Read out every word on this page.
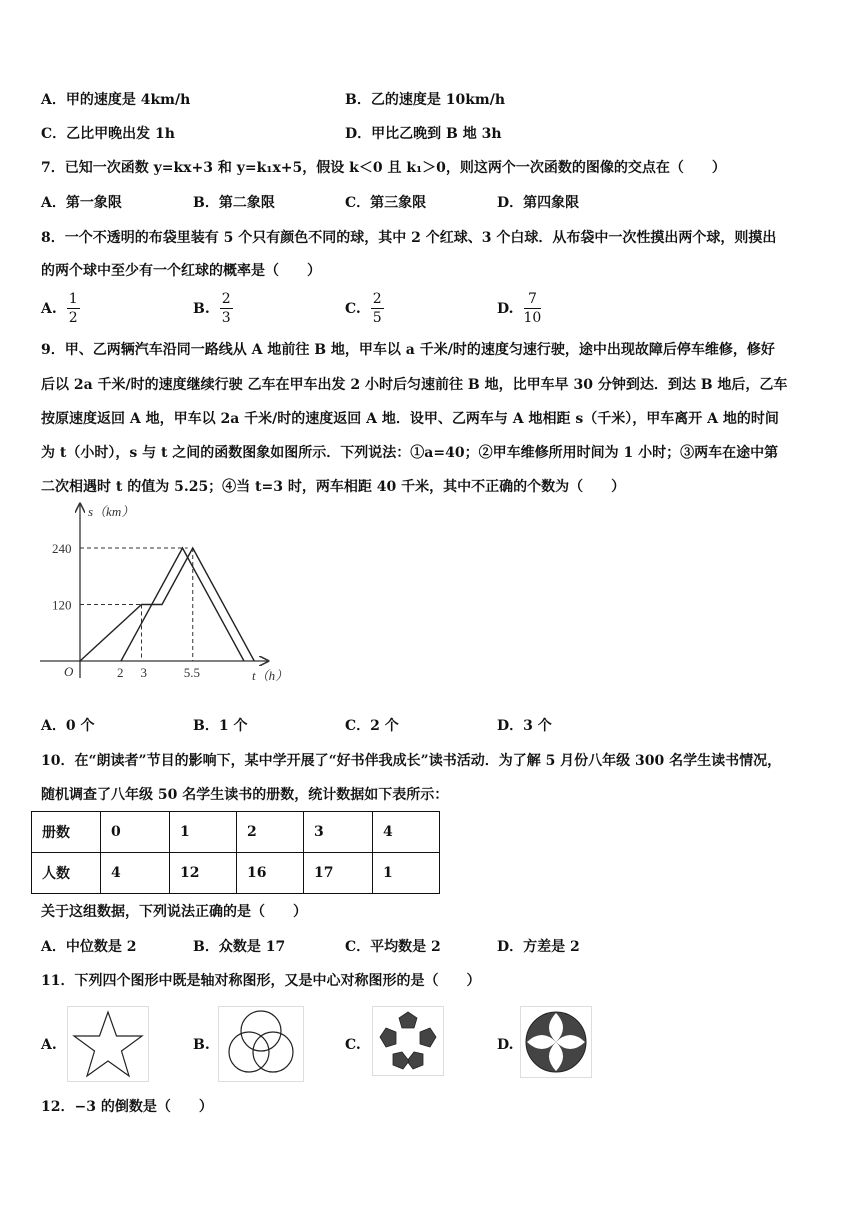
A．甲的速度是 4km/h	B．乙的速度是 10km/h
C．乙比甲晚出发 1h	D．甲比乙晚到 B 地 3h
7．已知一次函数 y=kx+3 和 y=k₁x+5，假设 k＜0 且 k₁＞0，则这两个一次函数的图像的交点在（　　）
A．第一象限	B．第二象限	C．第三象限	D．第四象限
8．一个不透明的布袋里装有 5 个只有颜色不同的球，其中 2 个红球、3 个白球．从布袋中一次性摸出两个球，则摸出
的两个球中至少有一个红球的概率是（　　）
A. $\frac{1}{2}$	B. $\frac{2}{3}$	C. $\frac{2}{5}$	D. $\frac{7}{10}$
9．甲、乙两辆汽车沿同一路线从 A 地前往 B 地，甲车以 a 千米/时的速度匀速行驶，途中出现故障后停车维修，修好
后以 2a 千米/时的速度继续行驶 乙车在甲车出发 2 小时后匀速前往 B 地，比甲车早 30 分钟到达．到达 B 地后，乙车
按原速度返回 A 地，甲车以 2a 千米/时的速度返回 A 地．设甲、乙两车与 A 地相距 s（千米），甲车离开 A 地的时间
为 t（小时），s 与 t 之间的函数图象如图所示．下列说法：①a=40；②甲车维修所用时间为 1 小时；③两车在途中第
二次相遇时 t 的值为 5.25；④当 t=3 时，两车相距 40 千米，其中不正确的个数为（　　）
s（km）
t（h）
O
240
120
2 3	5.5
A．0 个	B．1 个	C．2 个	D．3 个
10．在“朗读者”节目的影响下，某中学开展了“好书伴我成长”读书活动．为了解 5 月份八年级 300 名学生读书情况，
随机调查了八年级 50 名学生读书的册数，统计数据如下表所示：
册数	0	1	2	3	4
人数	4	12	16	17	1
关于这组数据，下列说法正确的是（　　）
A．中位数是 2	B．众数是 17	C．平均数是 2	D．方差是 2
11．下列四个图形中既是轴对称图形，又是中心对称图形的是（　　）
A.	B.	C.	D.
12．−3 的倒数是（　　）
